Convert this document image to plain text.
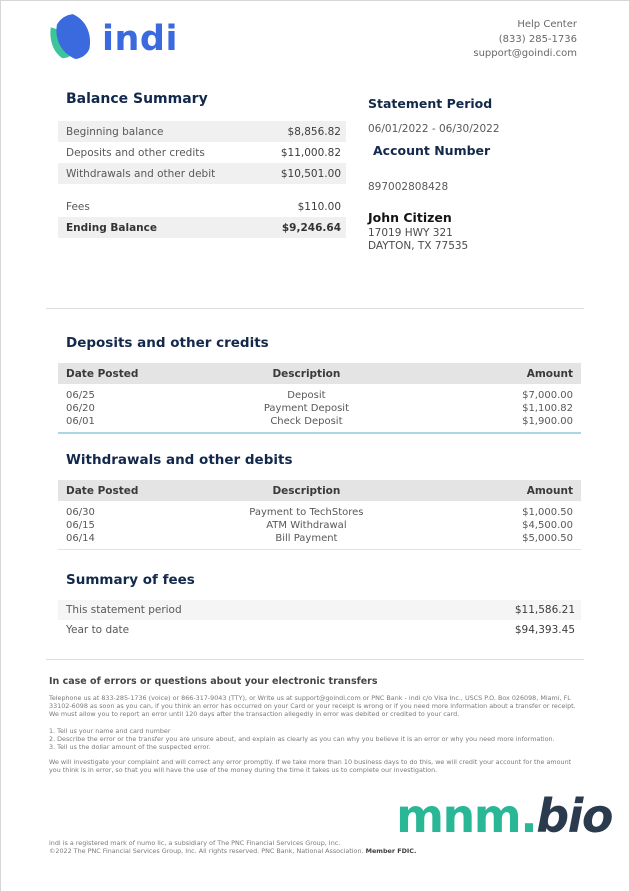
indi	Help Center
(833) 285-1736
support@goindi.com
Balance Summary
Beginning balance	$8,856.82
Deposits and other credits	$11,000.82
Withdrawals and other debit	$10,501.00
Fees	$110.00
Ending Balance	$9,246.64
Statement Period
06/01/2022 - 06/30/2022
Account Number
897002808428
John Citizen
17019 HWY 321
DAYTON, TX 77535
Deposits and other credits
Date Posted	Description	Amount
06/25	Deposit	$7,000.00
06/20	Payment Deposit	$1,100.82
06/01	Check Deposit	$1,900.00
Withdrawals and other debits
Date Posted	Description	Amount
06/30	Payment to TechStores	$1,000.50
06/15	ATM Withdrawal	$4,500.00
06/14	Bill Payment	$5,000.50
Summary of fees
This statement period	$11,586.21
Year to date	$94,393.45
In case of errors or questions about your electronic transfers

Telephone us at 833-285-1736 (voice) or 866-317-9043 (TTY), or Write us at support@goindi.com or PNC Bank - indi c/o Visa Inc., USCS P.O. Box 026098, Miami, FL 33102-6098 as soon as you can, if you think an error has occurred on your Card or your receipt is wrong or if you need more information about a transfer or receipt. We must allow you to report an error until 120 days after the transaction allegedly in error was debited or credited to your card.

1. Tell us your name and card number
2. Describe the error or the transfer you are unsure about, and explain as clearly as you can why you believe it is an error or why you need more information.
3. Tell us the dollar amount of the suspected error.

We will investigate your complaint and will correct any error promptly. If we take more than 10 business days to do this, we will credit your account for the amount you think is in error, so that you will have the use of the money during the time it takes us to complete our investigation.

mnm.bio
indi is a registered mark of numo llc, a subsidiary of The PNC Financial Services Group, Inc.
©2022 The PNC Financial Services Group, Inc. All rights reserved. PNC Bank, National Association. Member FDIC.
